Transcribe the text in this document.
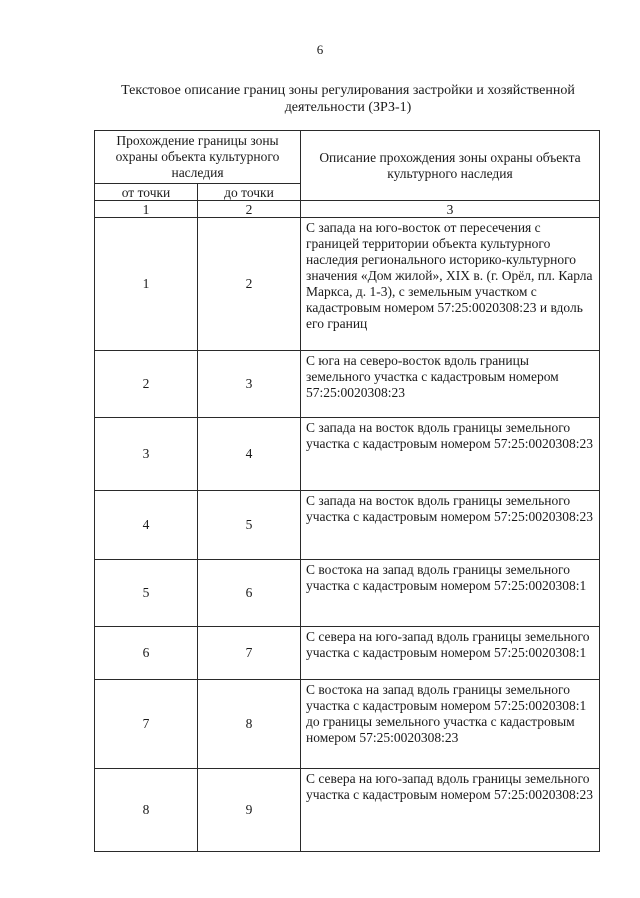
6
Текстовое описание границ зоны регулирования застройки и хозяйственной
деятельности (ЗРЗ-1)
Прохождение границы зоны охраны объекта культурного наследия		Описание прохождения зоны охраны объекта культурного наследия
от точки	до точки	
1	2	3
1	2	С запада на юго-восток от пересечения с границей территории объекта культурного наследия регионального историко-культурного значения «Дом жилой», XIX в. (г. Орёл, пл. Карла Маркса, д. 1-3), с земельным участком с кадастровым номером 57:25:0020308:23 и вдоль его границ
2	3	С юга на северо-восток вдоль границы земельного участка с кадастровым номером 57:25:0020308:23
3	4	С запада на восток вдоль границы земельного участка с кадастровым номером 57:25:0020308:23
4	5	С запада на восток вдоль границы земельного участка с кадастровым номером 57:25:0020308:23
5	6	С востока на запад вдоль границы земельного участка с кадастровым номером 57:25:0020308:1
6	7	С севера на юго-запад вдоль границы земельного участка с кадастровым номером 57:25:0020308:1
7	8	С востока на запад вдоль границы земельного участка с кадастровым номером 57:25:0020308:1 до границы земельного участка с кадастровым номером 57:25:0020308:23
8	9	С севера на юго-запад вдоль границы земельного участка с кадастровым номером 57:25:0020308:23
